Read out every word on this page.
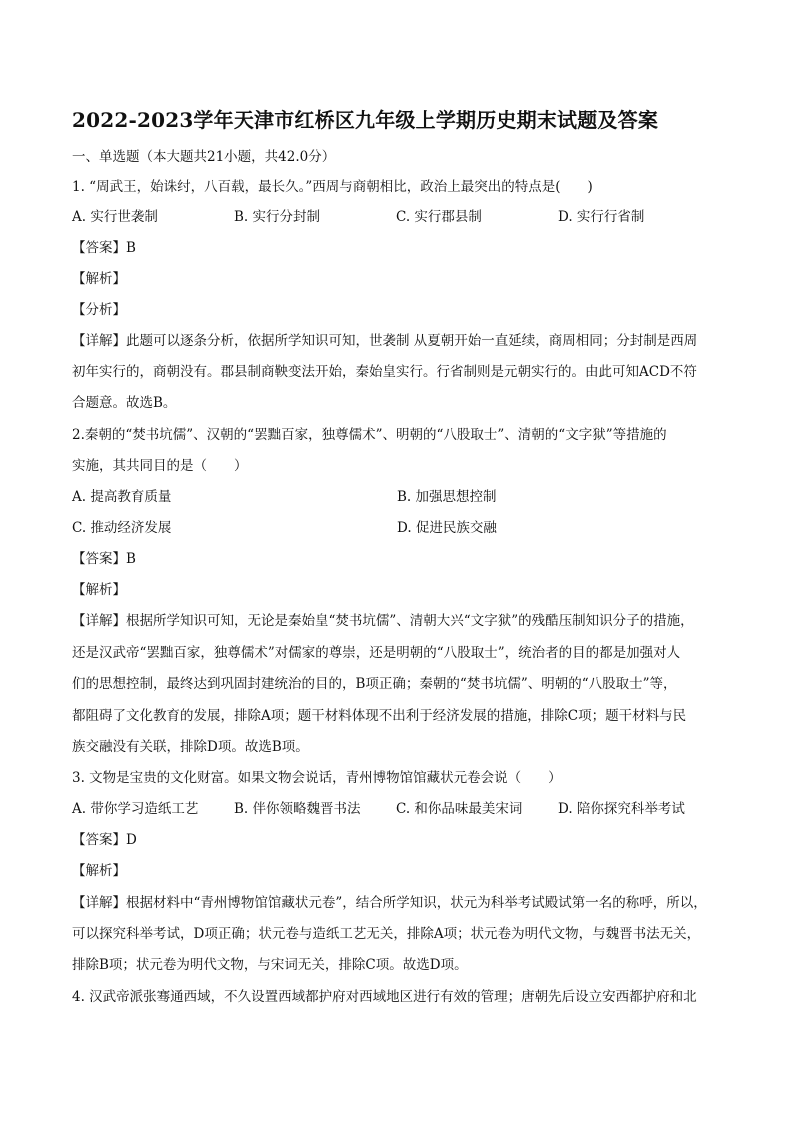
2022-2023学年天津市红桥区九年级上学期历史期末试题及答案
一、单选题（本大题共21小题，共42.0分）
1. “周武王，始诛纣，八百载，最长久。”西周与商朝相比，政治上最突出的特点是(　　)
A. 实行世袭制	B. 实行分封制	C. 实行郡县制	D. 实行行省制
【答案】B
【解析】
【分析】
【详解】此题可以逐条分析，依据所学知识可知，世袭制 从夏朝开始一直延续，商周相同；分封制是西周
初年实行的，商朝没有。郡县制商鞅变法开始，秦始皇实行。行省制则是元朝实行的。由此可知ACD不符
合题意。故选B。
2.秦朝的“焚书坑儒”、汉朝的“罢黜百家，独尊儒术”、明朝的“八股取士”、清朝的“文字狱”等措施的
实施，其共同目的是（　　）
A. 提高教育质量	B. 加强思想控制
C. 推动经济发展	D. 促进民族交融
【答案】B
【解析】
【详解】根据所学知识可知，无论是秦始皇“焚书坑儒”、清朝大兴“文字狱”的残酷压制知识分子的措施，
还是汉武帝“罢黜百家，独尊儒术”对儒家的尊崇，还是明朝的“八股取士”，统治者的目的都是加强对人
们的思想控制，最终达到巩固封建统治的目的，B项正确；秦朝的“焚书坑儒”、明朝的“八股取士”等，
都阻碍了文化教育的发展，排除A项；题干材料体现不出利于经济发展的措施，排除C项；题干材料与民
族交融没有关联，排除D项。故选B项。
3. 文物是宝贵的文化财富。如果文物会说话，青州博物馆馆藏状元卷会说（　　）
A. 带你学习造纸工艺	B. 伴你领略魏晋书法	C. 和你品味最美宋词	D. 陪你探究科举考试
【答案】D
【解析】
【详解】根据材料中“青州博物馆馆藏状元卷”，结合所学知识，状元为科举考试殿试第一名的称呼，所以，
可以探究科举考试，D项正确；状元卷与造纸工艺无关，排除A项；状元卷为明代文物，与魏晋书法无关，
排除B项；状元卷为明代文物，与宋词无关，排除C项。故选D项。
4. 汉武帝派张骞通西域，不久设置西域都护府对西域地区进行有效的管理；唐朝先后设立安西都护府和北
